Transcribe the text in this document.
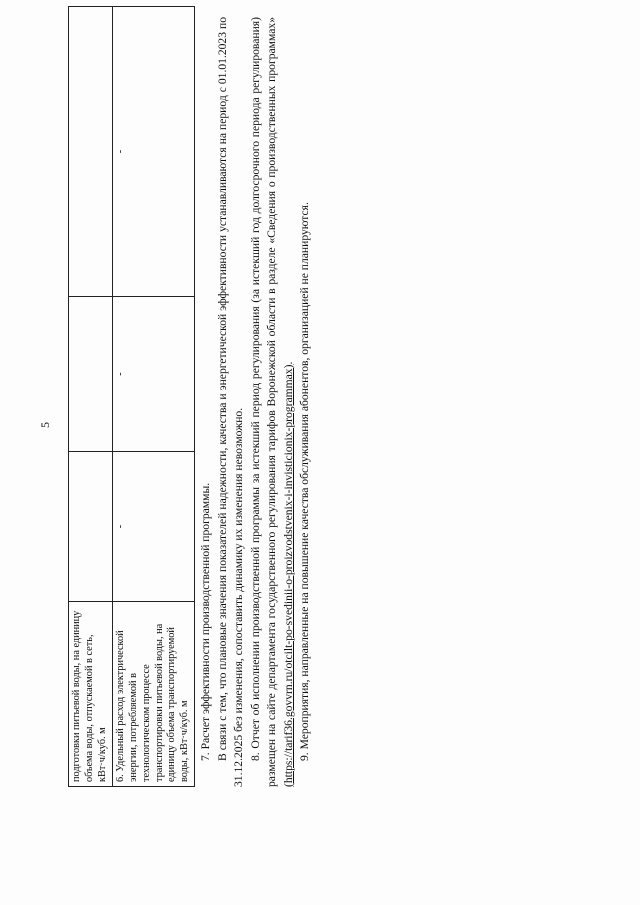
5
подготовки питьевой воды, на единицу объема воды, отпускаемой в сеть, кВт·ч/куб. м			
6. Удельный расход электрической энергии, потребляемой в технологическом процессе транспортировки питьевой воды, на единицу объема транспортируемой воды, кВт·ч/куб. м	-	-	-

7. Расчет эффективности производственной программы. В связи с тем, что плановые значения показателей надежности, качества и энергетической эффективности устанавливаются на период с 01.01.2023 по 31.12.2025 без изменения, сопоставить динамику их изменения невозможно. 8. Отчет об исполнении производственной программы за истекший период регулирования (за истекший год долгосрочного периода регулирования) размещен на сайте департамента государственного регулирования тарифов Воронежской области в разделе «Сведения о производственных программах» (https://tarif36.govvrn.ru/otcilt-po-svedinii-o-proizvodstvenix-i-invisticionix-programmax). 9. Мероприятия, направленные на повышение качества обслуживания абонентов, организацией не планируются.
